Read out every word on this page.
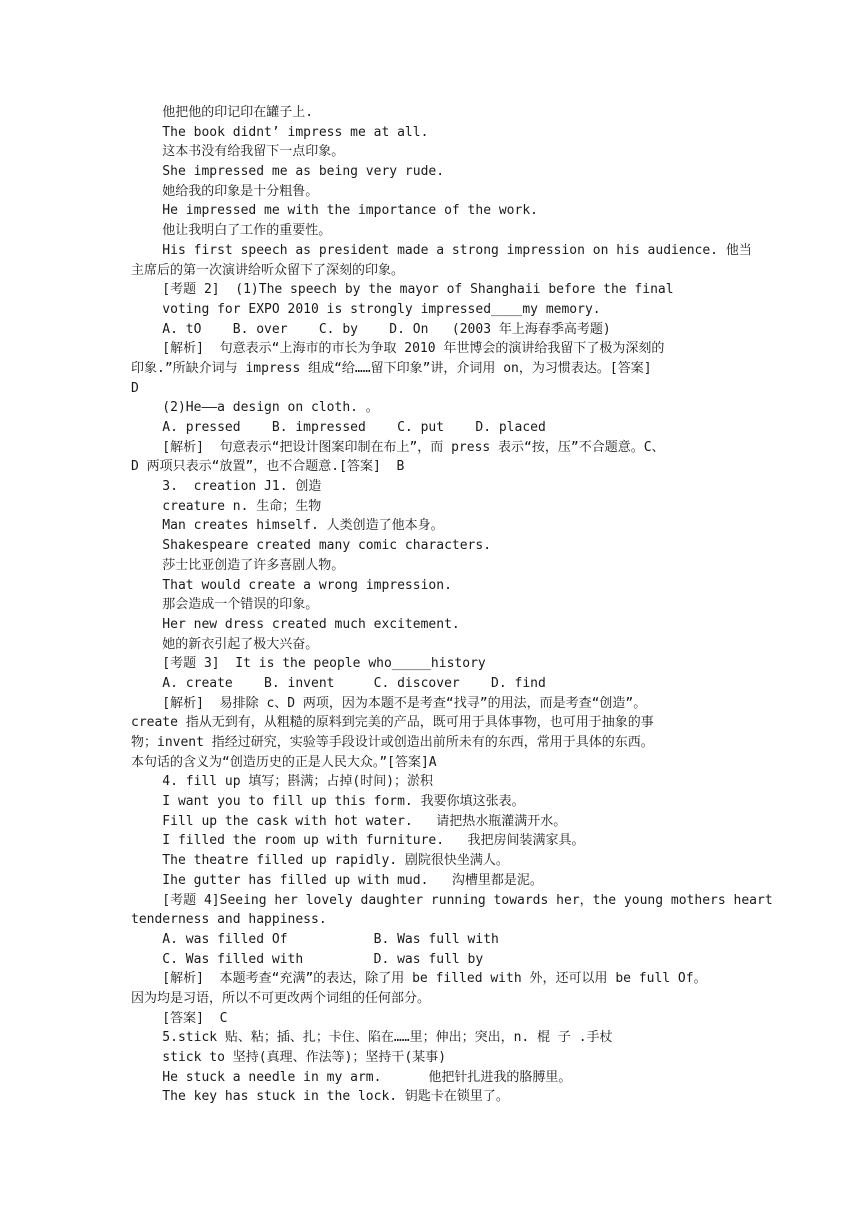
他把他的印记印在罐子上.
The book didnt’ impress me at all.
这本书没有给我留下一点印象。
She impressed me as being very rude.
她给我的印象是十分粗鲁。
He impressed me with the importance of the work.
他让我明白了工作的重要性。
His first speech as president made a strong impression on his audience. 他当
主席后的第一次演讲给听众留下了深刻的印象。
[考题 2]  (1)The speech by the mayor of Shanghaii before the final
voting for EXPO 2010 is strongly impressed____my memory.
A. tO    B. over    C. by    D. On   (2003 年上海春季高考题)
[解析]  句意表示“上海市的市长为争取 2010 年世博会的演讲给我留下了极为深刻的
印象.”所缺介词与 impress 组成“给……留下印象”讲，介词用 on，为习惯表达。[答案]
D
(2)He——a design on cloth. 。
A. pressed    B. impressed    C. put    D. placed
[解析]  句意表示“把设计图案印制在布上”，而 press 表示“按，压”不合题意。C、
D 两项只表示“放置”，也不合题意.[答案]  B
3.  creation J1. 创造
creature n. 生命；生物
Man creates himself. 人类创造了他本身。
Shakespeare created many comic characters.
莎士比亚创造了许多喜剧人物。
That would create a wrong impression.
那会造成一个错误的印象。
Her new dress created much excitement.
她的新衣引起了极大兴奋。
[考题 3]  It is the people who_____history
A. create    B. invent     C. discover    D. find
[解析]  易排除 c、D 两项，因为本题不是考查“找寻”的用法，而是考查“创造”。
create 指从无到有，从粗糙的原料到完美的产品，既可用于具体事物，也可用于抽象的事
物；invent 指经过研究，实验等手段设计或创造出前所未有的东西，常用于具体的东西。
本句话的含义为“创造历史的正是人民大众。”[答案]A
4. fill up 填写；斟满；占掉(时间)；淤积
I want you to fill up this form. 我要你填这张表。
Fill up the cask with hot water.   请把热水瓶灌满开水。
I filled the room up with furniture.   我把房间装满家具。
The theatre filled up rapidly. 剧院很快坐满人。
Ihe gutter has filled up with mud.   沟槽里都是泥。
[考题 4]Seeing her lovely daughter running towards her，the young mothers heart
tenderness and happiness.
A. was filled Of           B. Was full with
C. Was filled with         D. was full by
[解析]  本题考查“充满”的表达，除了用 be filled with 外，还可以用 be full Of。
因为均是习语，所以不可更改两个词组的任何部分。
[答案]  C
5.stick 贴、粘；插、扎；卡住、陷在……里；伸出；突出，n. 棍 子 .手杖
stick to 坚持(真理、作法等)；坚持干(某事)
He stuck a needle in my arm.      他把针扎进我的胳膊里。
The key has stuck in the lock. 钥匙卡在锁里了。
